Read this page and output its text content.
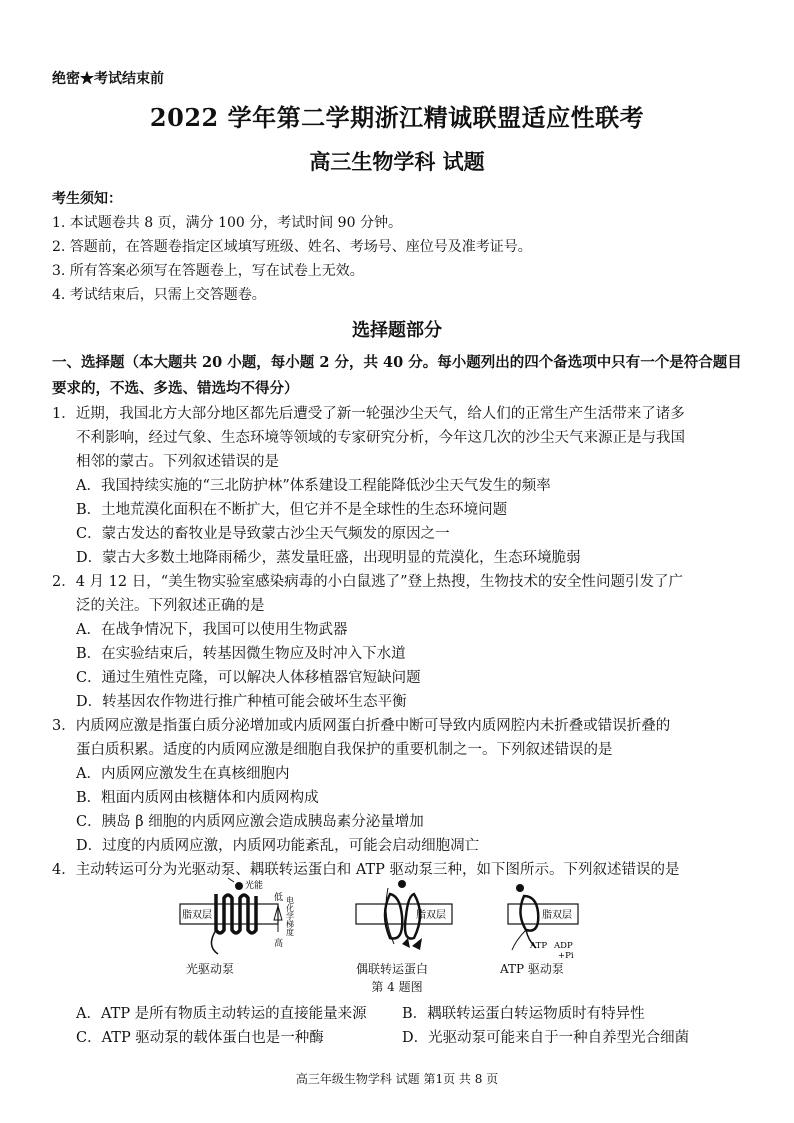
绝密★考试结束前
2022 学年第二学期浙江精诚联盟适应性联考
高三生物学科 试题
考生须知：
1. 本试题卷共 8 页，满分 100 分，考试时间 90 分钟。
2. 答题前，在答题卷指定区域填写班级、姓名、考场号、座位号及准考证号。
3. 所有答案必须写在答题卷上，写在试卷上无效。
4. 考试结束后，只需上交答题卷。
选择题部分
一、选择题（本大题共 20 小题，每小题 2 分，共 40 分。每小题列出的四个备选项中只有一个是符合题目要求的，不选、多选、错选均不得分）
1．近期，我国北方大部分地区都先后遭受了新一轮强沙尘天气，给人们的正常生产生活带来了诸多
不利影响，经过气象、生态环境等领域的专家研究分析，今年这几次的沙尘天气来源正是与我国
相邻的蒙古。下列叙述错误的是
A．我国持续实施的“三北防护林”体系建设工程能降低沙尘天气发生的频率
B．土地荒漠化面积在不断扩大，但它并不是全球性的生态环境问题
C．蒙古发达的畜牧业是导致蒙古沙尘天气频发的原因之一
D．蒙古大多数土地降雨稀少，蒸发量旺盛，出现明显的荒漠化，生态环境脆弱
2．4 月 12 日，“美生物实验室感染病毒的小白鼠逃了”登上热搜，生物技术的安全性问题引发了广
泛的关注。下列叙述正确的是
A．在战争情况下，我国可以使用生物武器
B．在实验结束后，转基因微生物应及时冲入下水道
C．通过生殖性克隆，可以解决人体移植器官短缺问题
D．转基因农作物进行推广种植可能会破坏生态平衡
3．内质网应激是指蛋白质分泌增加或内质网蛋白折叠中断可导致内质网腔内未折叠或错误折叠的
蛋白质积累。适度的内质网应激是细胞自我保护的重要机制之一。下列叙述错误的是
A．内质网应激发生在真核细胞内
B．粗面内质网由核糖体和内质网构成
C．胰岛 β 细胞的内质网应激会造成胰岛素分泌量增加
D．过度的内质网应激，内质网功能紊乱，可能会启动细胞凋亡
4．主动转运可分为光驱动泵、耦联转运蛋白和 ATP 驱动泵三种，如下图所示。下列叙述错误的是
脂双层
光能
低
高
电化学梯度	脂双层	脂双层
ATP ADP
+Pi
光驱动泵	偶联转运蛋白	ATP 驱动泵
第 4 题图
A．ATP 是所有物质主动转运的直接能量来源 B．耦联转运蛋白转运物质时有特异性
C．ATP 驱动泵的载体蛋白也是一种酶	D．光驱动泵可能来自于一种自养型光合细菌
高三年级生物学科 试题 第1页 共 8 页
